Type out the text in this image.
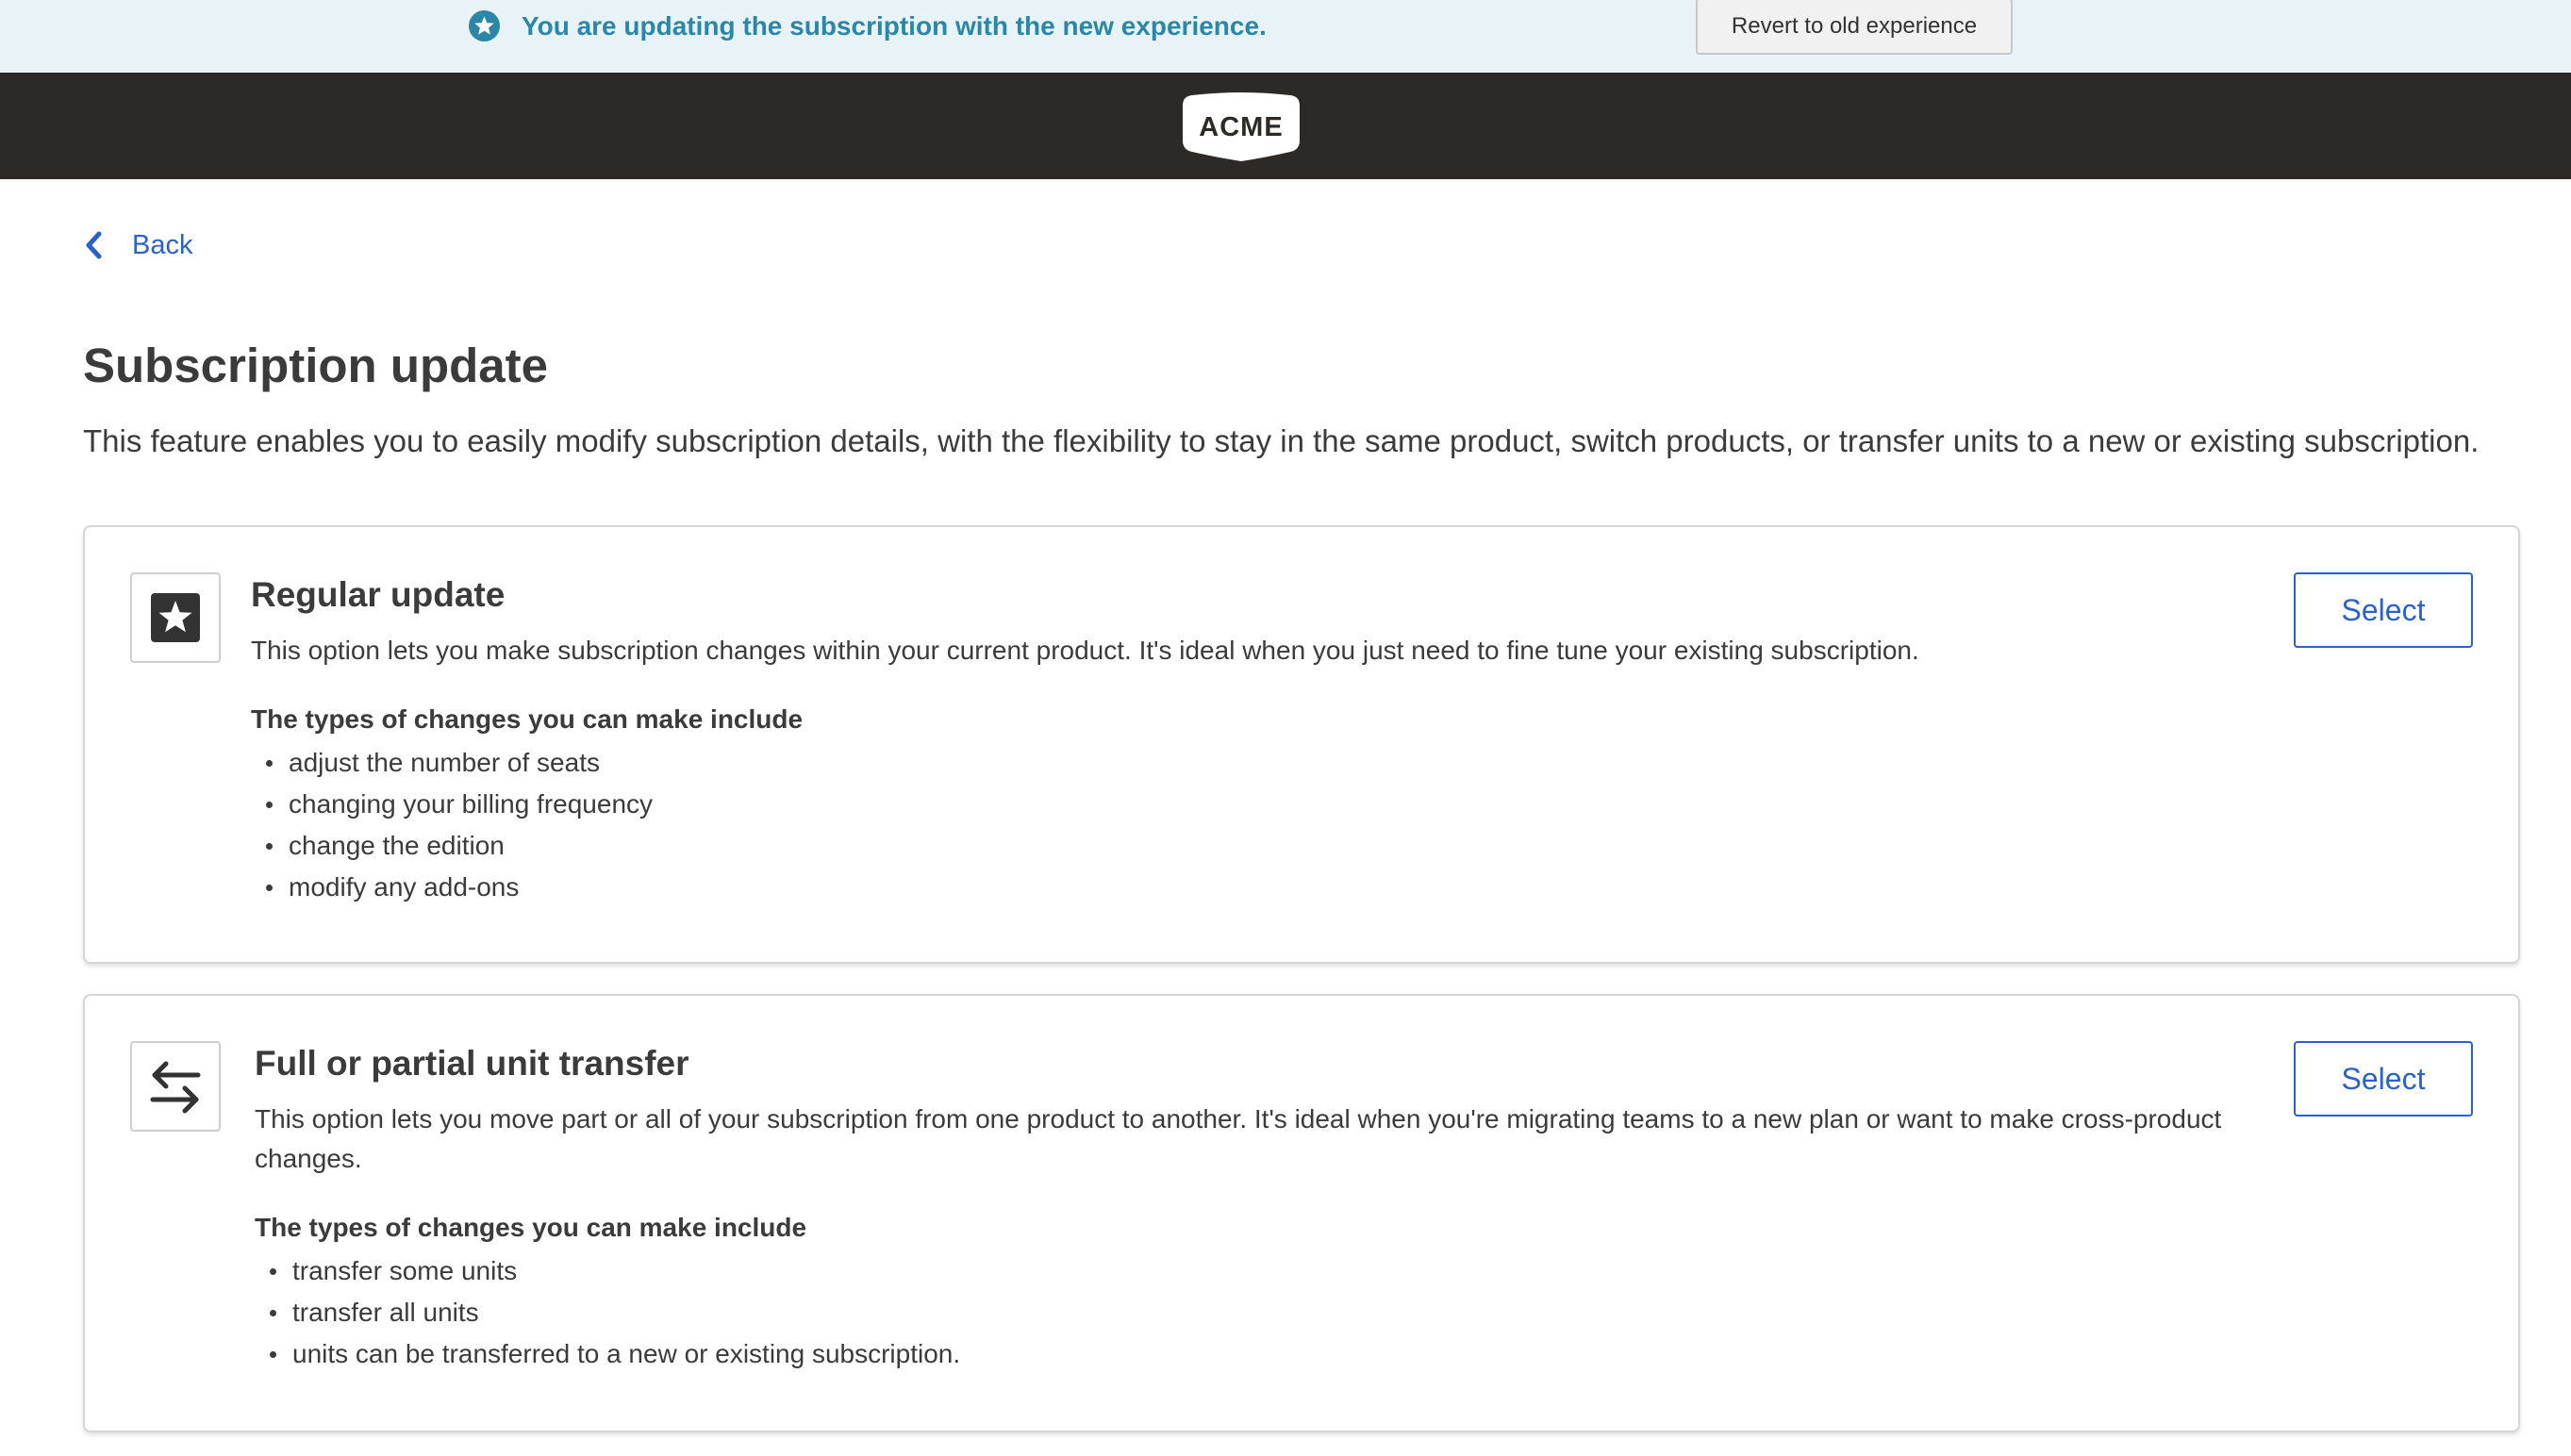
You are updating the subscription with the new experience.	Revert to old experience
ACME
Back
Subscription update

This feature enables you to easily modify subscription details, with the flexibility to stay in the same product, switch products, or transfer units to a new or existing subscription.

Regular update

This option lets you make subscription changes within your current product. It's ideal when you just need to fine tune your existing subscription.

The types of changes you can make include
adjust the number of seats
changing your billing frequency
change the edition
modify any add-ons
Select
Full or partial unit transfer

This option lets you move part or all of your subscription from one product to another. It's ideal when you're migrating teams to a new plan or want to make cross-product changes.

The types of changes you can make include
transfer some units
transfer all units
units can be transferred to a new or existing subscription.
Select
